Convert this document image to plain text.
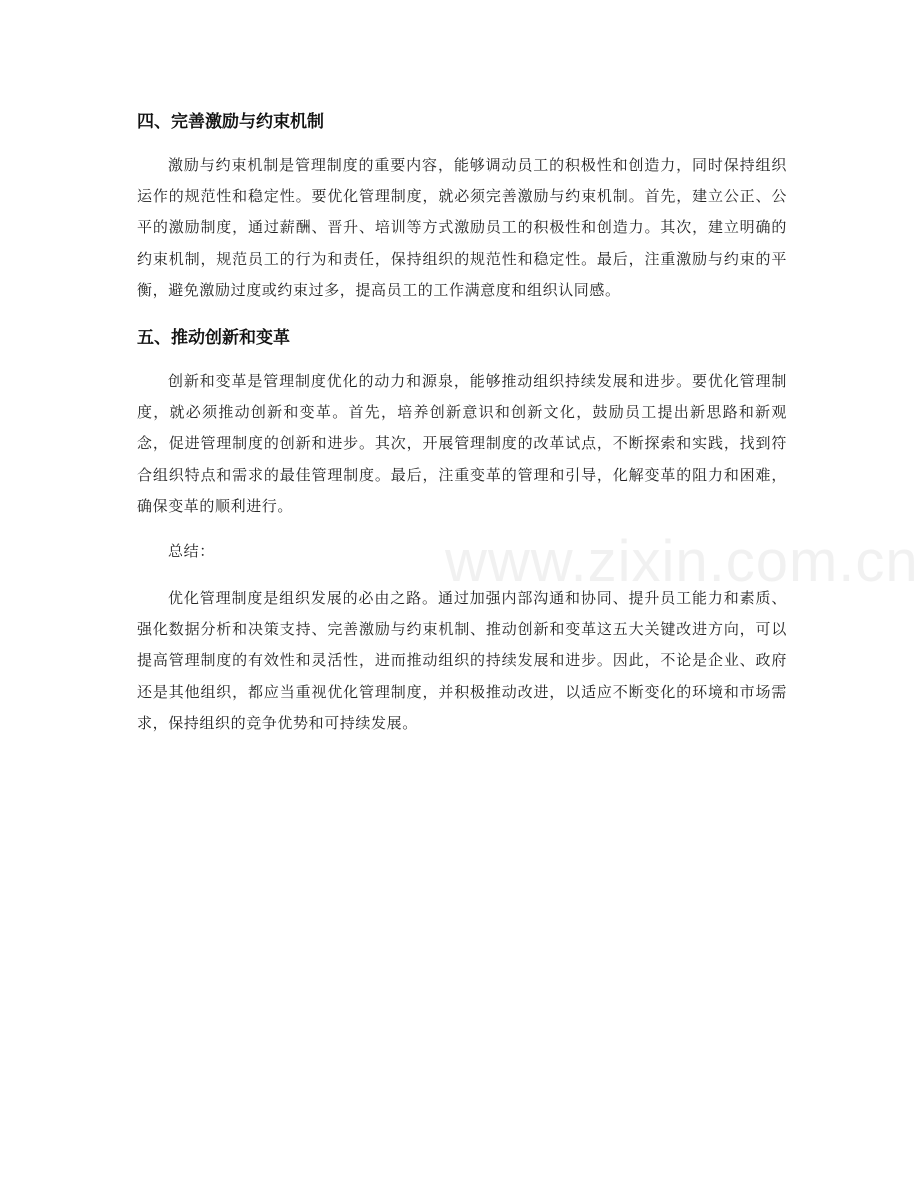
www.zixin.com.cn
四、完善激励与约束机制

激励与约束机制是管理制度的重要内容，能够调动员工的积极性和创造力，同时保持组织运作的规范性和稳定性。要优化管理制度，就必须完善激励与约束机制。首先，建立公正、公平的激励制度，通过薪酬、晋升、培训等方式激励员工的积极性和创造力。其次，建立明确的约束机制，规范员工的行为和责任，保持组织的规范性和稳定性。最后，注重激励与约束的平衡，避免激励过度或约束过多，提高员工的工作满意度和组织认同感。

五、推动创新和变革

创新和变革是管理制度优化的动力和源泉，能够推动组织持续发展和进步。要优化管理制度，就必须推动创新和变革。首先，培养创新意识和创新文化，鼓励员工提出新思路和新观念，促进管理制度的创新和进步。其次，开展管理制度的改革试点，不断探索和实践，找到符合组织特点和需求的最佳管理制度。最后，注重变革的管理和引导，化解变革的阻力和困难，确保变革的顺利进行。

总结：

优化管理制度是组织发展的必由之路。通过加强内部沟通和协同、提升员工能力和素质、强化数据分析和决策支持、完善激励与约束机制、推动创新和变革这五大关键改进方向，可以提高管理制度的有效性和灵活性，进而推动组织的持续发展和进步。因此，不论是企业、政府还是其他组织，都应当重视优化管理制度，并积极推动改进，以适应不断变化的环境和市场需求，保持组织的竞争优势和可持续发展。
